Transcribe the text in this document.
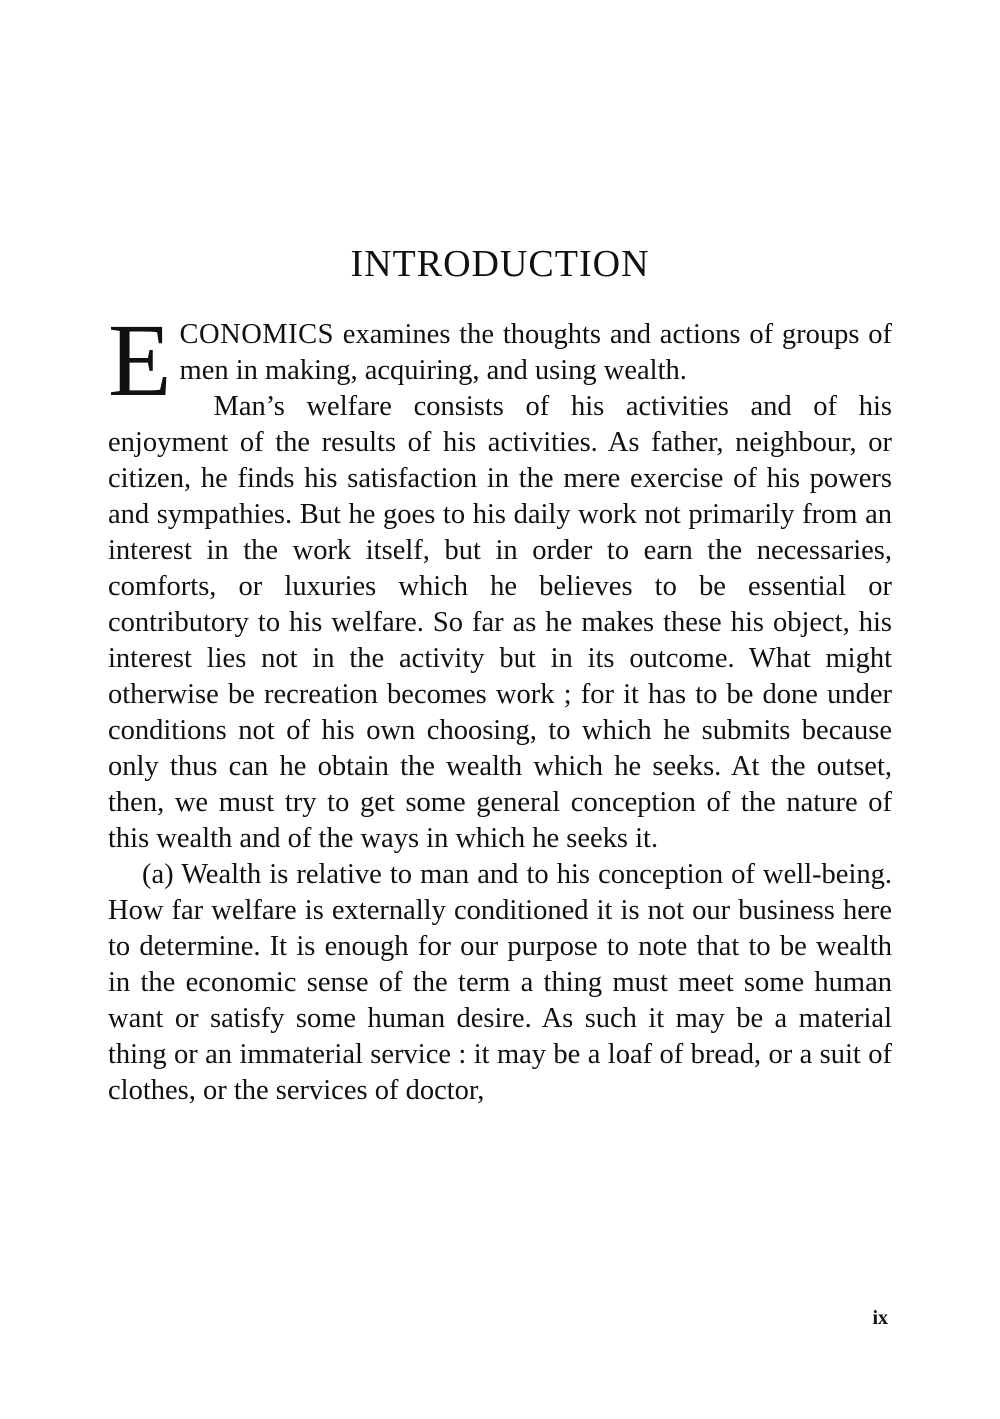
INTRODUCTION

ECONOMICS examines the thoughts and actions of groups of men in making, acquiring, and using wealth.

Man’s welfare consists of his activities and of his enjoyment of the results of his activities. As father, neighbour, or citizen, he finds his satisfaction in the mere exercise of his powers and sympathies. But he goes to his daily work not primarily from an interest in the work itself, but in order to earn the necessaries, comforts, or luxuries which he believes to be essential or contributory to his welfare. So far as he makes these his object, his interest lies not in the activity but in its outcome. What might otherwise be recreation becomes work ; for it has to be done under conditions not of his own choosing, to which he submits because only thus can he obtain the wealth which he seeks. At the outset, then, we must try to get some general conception of the nature of this wealth and of the ways in which he seeks it.

(a) Wealth is relative to man and to his conception of well-being. How far welfare is externally conditioned it is not our business here to determine. It is enough for our purpose to note that to be wealth in the economic sense of the term a thing must meet some human want or satisfy some human desire. As such it may be a material thing or an immaterial service : it may be a loaf of bread, or a suit of clothes, or the services of doctor,

ix
